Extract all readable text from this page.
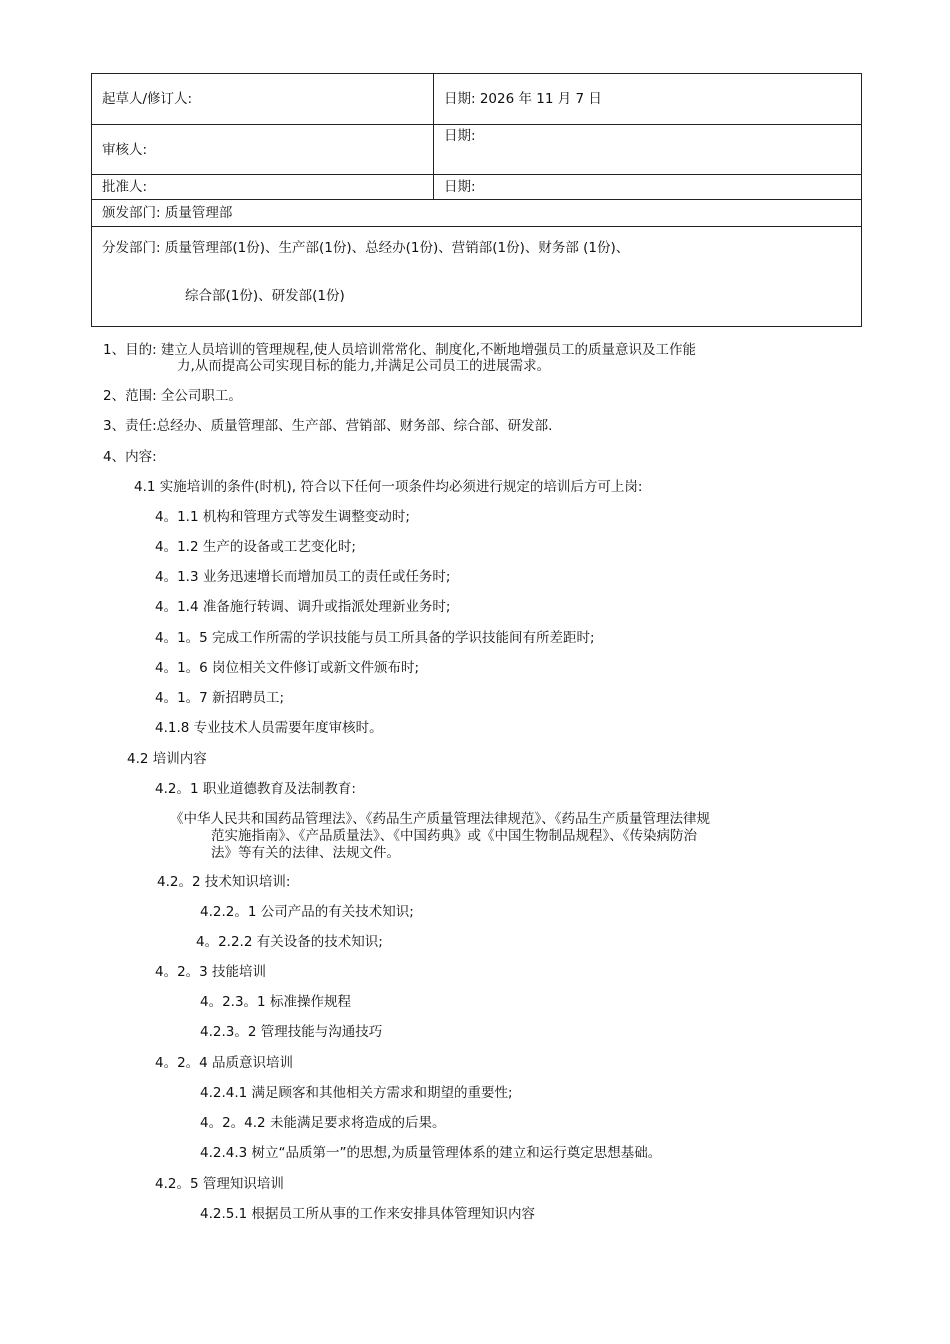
起草人/修订人:	日期: 2026 年 11 月 7 日
审核人:	日期:
批准人:	日期:
颁发部门: 质量管理部	

分发部门: 质量管理部(1份)、生产部(1份)、总经办(1份)、营销部(1份)、财务部 (1份)、
综合部(1份)、研发部(1份)	
1、目的: 建立人员培训的管理规程,使人员培训常常化、制度化,不断地增强员工的质量意识及工作能
力,从而提高公司实现目标的能力,并满足公司员工的进展需求。
2、范围: 全公司职工。
3、责任:总经办、质量管理部、生产部、营销部、财务部、综合部、研发部.
4、内容:
4.1 实施培训的条件(时机), 符合以下任何一项条件均必须进行规定的培训后方可上岗:
4。1.1 机构和管理方式等发生调整变动时;
4。1.2 生产的设备或工艺变化时;
4。1.3 业务迅速增长而增加员工的责任或任务时;
4。1.4 准备施行转调、调升或指派处理新业务时;
4。1。5 完成工作所需的学识技能与员工所具备的学识技能间有所差距时;
4。1。6 岗位相关文件修订或新文件颁布时;
4。1。7 新招聘员工;
4.1.8 专业技术人员需要年度审核时。
4.2 培训内容
4.2。1 职业道德教育及法制教育:
《中华人民共和国药品管理法》、《药品生产质量管理法律规范》、《药品生产质量管理法律规
范实施指南》、《产品质量法》、《中国药典》或《中国生物制品规程》、《传染病防治
法》等有关的法律、法规文件。
4.2。2 技术知识培训:
4.2.2。1 公司产品的有关技术知识;
4。2.2.2 有关设备的技术知识;
4。2。3 技能培训
4。2.3。1 标准操作规程
4.2.3。2 管理技能与沟通技巧
4。2。4 品质意识培训
4.2.4.1 满足顾客和其他相关方需求和期望的重要性;
4。2。4.2 未能满足要求将造成的后果。
4.2.4.3 树立“品质第一”的思想,为质量管理体系的建立和运行奠定思想基础。
4.2。5 管理知识培训
4.2.5.1 根据员工所从事的工作来安排具体管理知识内容
